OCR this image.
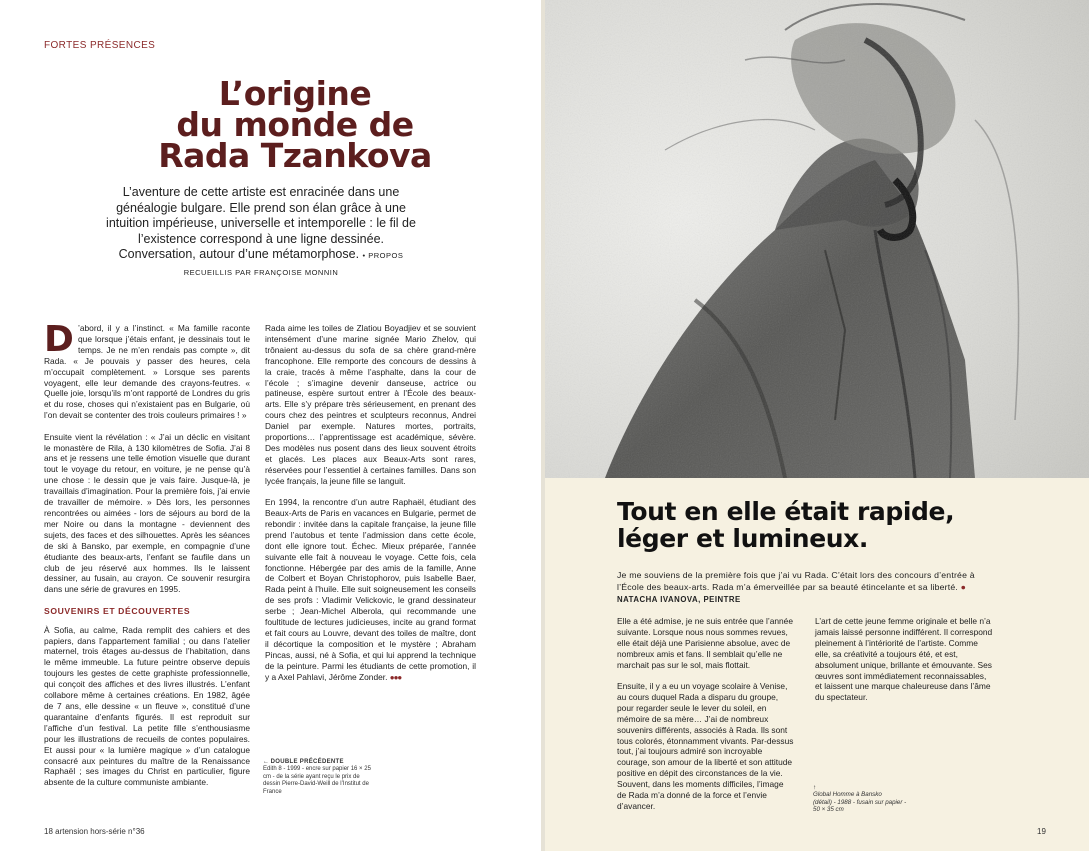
FORTES PRÉSENCES
L’origine
du monde de
Rada Tzankova
L’aventure de cette artiste est enracinée dans une généalogie bulgare. Elle prend son élan grâce à une intuition impérieuse, universelle et intemporelle : le fil de l’existence correspond à une ligne dessinée. Conversation, autour d’une métamorphose. • PROPOS RECUEILLIS PAR FRANÇOISE MONNIN

D ’abord, il y a l’instinct. « Ma famille raconte que lorsque j’étais enfant, je dessinais tout le temps. Je ne m’en rendais pas compte », dit Rada. « Je pouvais y passer des heures, cela m’occupait complètement. » Lorsque ses parents voyagent, elle leur demande des crayons-feutres. « Quelle joie, lorsqu’ils m’ont rapporté de Londres du gris et du rose, choses qui n’existaient pas en Bulgarie, où l’on devait se contenter des trois couleurs primaires ! »

Ensuite vient la révélation : « J’ai un déclic en visitant le monastère de Rila, à 130 kilomètres de Sofia. J’ai 8 ans et je ressens une telle émotion visuelle que durant tout le voyage du retour, en voiture, je ne pense qu’à une chose : le dessin que je vais faire. Jusque-là, je travaillais d’imagination. Pour la première fois, j’ai envie de travailler de mémoire. » Dès lors, les personnes rencontrées ou aimées - lors de séjours au bord de la mer Noire ou dans la montagne - deviennent des sujets, des faces et des silhouettes. Après les séances de ski à Bansko, par exemple, en compagnie d’une étudiante des beaux-arts, l’enfant se faufile dans un club de jeu réservé aux hommes. Ils le laissent dessiner, au fusain, au crayon. Ce souvenir resurgira dans une série de gravures en 1995.

SOUVENIRS ET DÉCOUVERTES

À Sofia, au calme, Rada remplit des cahiers et des papiers, dans l’appartement familial ; ou dans l’atelier maternel, trois étages au-dessus de l’habitation, dans le même immeuble. La future peintre observe depuis toujours les gestes de cette graphiste professionnelle, qui conçoit des affiches et des livres illustrés. L’enfant collabore même à certaines créations. En 1982, âgée de 7 ans, elle dessine « un fleuve », constitué d’une quarantaine d’enfants figurés. Il est reproduit sur l’affiche d’un festival. La petite fille s’enthousiasme pour les illustrations de recueils de contes populaires. Et aussi pour « la lumière magique » d’un catalogue consacré aux peintures du maître de la Renaissance Raphaël ; ses images du Christ en particulier, figure absente de la culture communiste ambiante.

Rada aime les toiles de Zlatiou Boyadjiev et se souvient intensément d’une marine signée Mario Zhelov, qui trônaient au-dessus du sofa de sa chère grand-mère francophone. Elle remporte des concours de dessins à la craie, tracés à même l’asphalte, dans la cour de l’école ; s’imagine devenir danseuse, actrice ou patineuse, espère surtout entrer à l’École des beaux-arts. Elle s’y prépare très sérieusement, en prenant des cours chez des peintres et sculpteurs reconnus, Andrei Daniel par exemple. Natures mortes, portraits, proportions… l’apprentissage est académique, sévère. Des modèles nus posent dans des lieux souvent étroits et glacés. Les places aux Beaux-Arts sont rares, réservées pour l’essentiel à certaines familles. Dans son lycée français, la jeune fille se languit.

En 1994, la rencontre d’un autre Raphaël, étudiant des Beaux-Arts de Paris en vacances en Bulgarie, permet de rebondir : invitée dans la capitale française, la jeune fille prend l’autobus et tente l’admission dans cette école, dont elle ignore tout. Échec. Mieux préparée, l’année suivante elle fait à nouveau le voyage. Cette fois, cela fonctionne. Hébergée par des amis de la famille, Anne de Colbert et Boyan Christophorov, puis Isabelle Baer, Rada peint à l’huile. Elle suit soigneusement les conseils de ses profs : Vladimir Velickovic, le grand dessinateur serbe ; Jean-Michel Alberola, qui recommande une foultitude de lectures judicieuses, incite au grand format et fait cours au Louvre, devant des toiles de maître, dont il décortique la composition et le mystère ; Abraham Pincas, aussi, né à Sofia, et qui lui apprend la technique de la peinture. Parmi les étudiants de cette promotion, il y a Axel Pahlavi, Jérôme Zonder. ●●●

← DOUBLE PRÉCÉDENTE
Edith 8 - 1999 - encre sur papier 16 × 25 cm - de la série ayant reçu le prix de dessin Pierre-David-Weill de l’Institut de France
18 artension hors-série n°36
Tout en elle était rapide,
léger et lumineux.
Je me souviens de la première fois que j’ai vu Rada. C’était lors des concours d’entrée à l’École des beaux-arts. Rada m’a émerveillée par sa beauté étincelante et sa liberté. ● NATACHA IVANOVA, PEINTRE

Elle a été admise, je ne suis entrée que l’année suivante. Lorsque nous nous sommes revues, elle était déjà une Parisienne absolue, avec de nombreux amis et fans. Il semblait qu’elle ne marchait pas sur le sol, mais flottait.

Ensuite, il y a eu un voyage scolaire à Venise, au cours duquel Rada a disparu du groupe, pour regarder seule le lever du soleil, en mémoire de sa mère… J’ai de nombreux souvenirs différents, associés à Rada. Ils sont tous colorés, étonnamment vivants. Par-dessus tout, j’ai toujours admiré son incroyable courage, son amour de la liberté et son attitude positive en dépit des circonstances de la vie. Souvent, dans les moments difficiles, l’image de Rada m’a donné de la force et l’envie d’avancer.

L’art de cette jeune femme originale et belle n’a jamais laissé personne indifférent. Il correspond pleinement à l’intériorité de l’artiste. Comme elle, sa créativité a toujours été, et est, absolument unique, brillante et émouvante. Ses œuvres sont immédiatement reconnaissables, et laissent une marque chaleureuse dans l’âme du spectateur.

↑
Global Homme à Bansko
(détail) - 1988 - fusain sur papier - 50 × 35 cm
19
